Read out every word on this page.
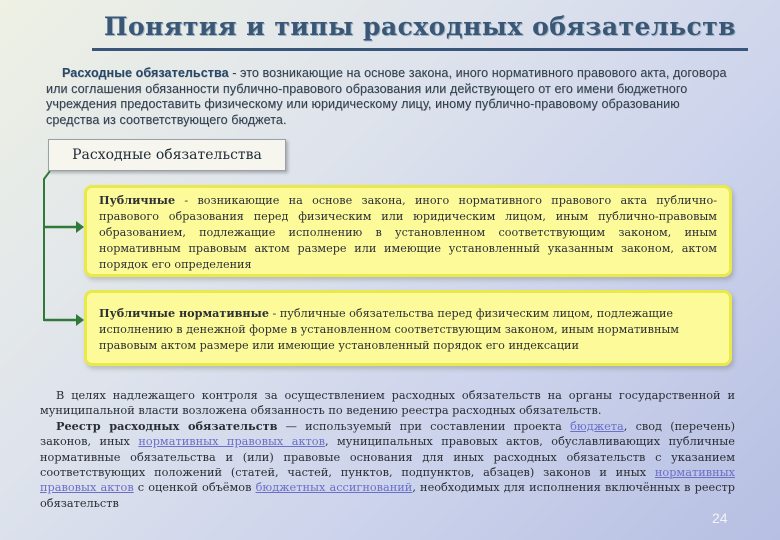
Понятия и типы расходных обязательств
Расходные обязательства - это возникающие на основе закона, иного нормативного правового акта, договора или соглашения обязанности публично-правового образования или действующего от его имени бюджетного учреждения предоставить физическому или юридическому лицу, иному публично-правовому образованию средства из соответствующего бюджета.
Расходные обязательства
Публичные - возникающие на основе закона, иного нормативного правового акта публично-правового образования перед физическим или юридическим лицом, иным публично-правовым образованием, подлежащие исполнению в установленном соответствующим законом, иным нормативным правовым актом размере или имеющие установленный указанным законом, актом порядок его определения
Публичные нормативные - публичные обязательства перед физическим лицом, подлежащие исполнению в денежной форме в установленном соответствующим законом, иным нормативным правовым актом размере или имеющие установленный порядок его индексации

В целях надлежащего контроля за осуществлением расходных обязательств на органы государственной и муниципальной власти возложена обязанность по ведению реестра расходных обязательств.

Реестр расходных обязательств — используемый при составлении проекта бюджета, свод (перечень) законов, иных нормативных правовых актов, муниципальных правовых актов, обуславливающих публичные нормативные обязательства и (или) правовые основания для иных расходных обязательств с указанием соответствующих положений (статей, частей, пунктов, подпунктов, абзацев) законов и иных нормативных правовых актов с оценкой объёмов бюджетных ассигнований, необходимых для исполнения включённых в реестр обязательств

24
